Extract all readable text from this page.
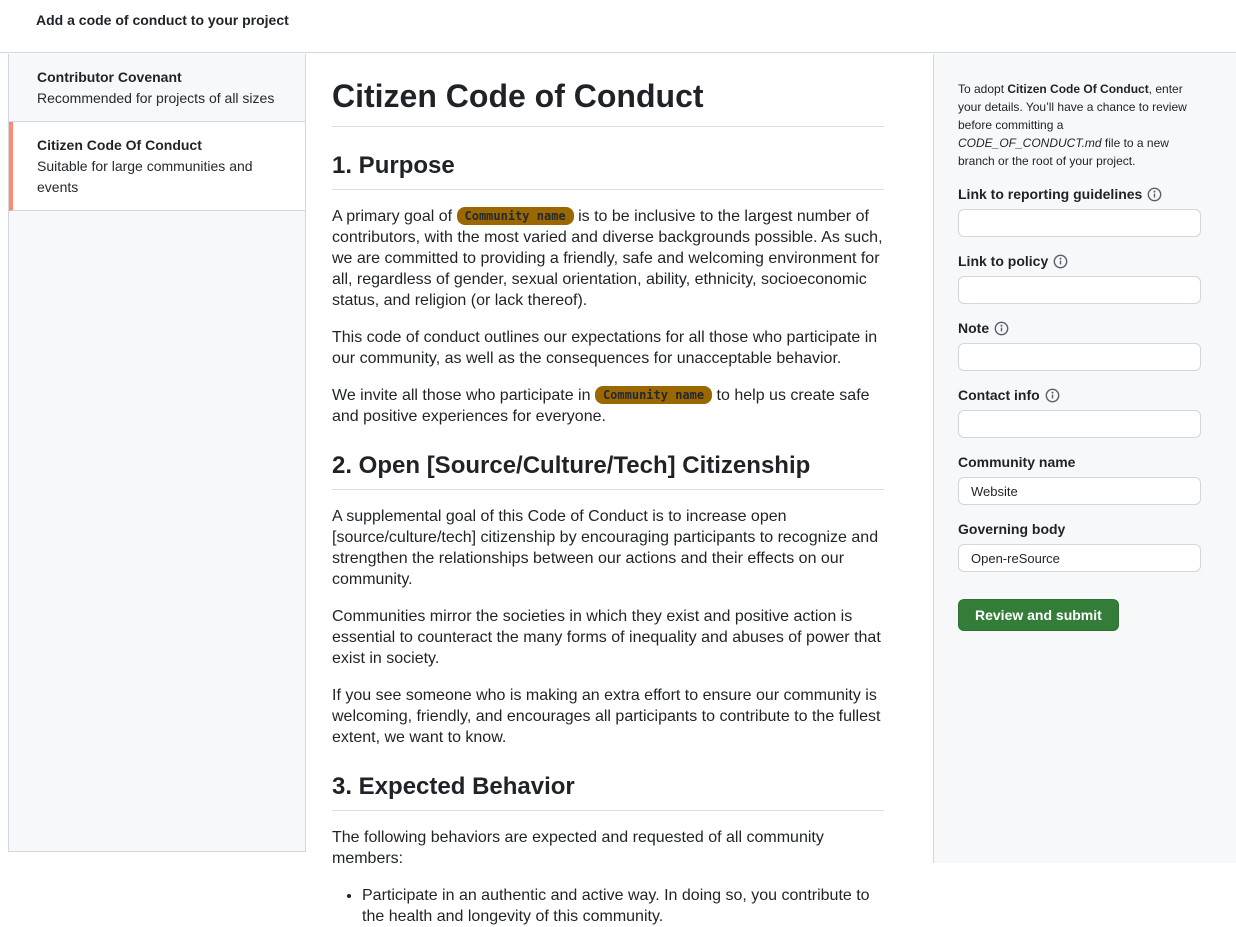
Add a code of conduct to your project
Contributor Covenant
Recommended for projects of all sizes
Citizen Code Of Conduct
Suitable for large communities and events
Citizen Code of Conduct
1. Purpose

A primary goal of Community name is to be inclusive to the largest number of contributors, with the most varied and diverse backgrounds possible. As such, we are committed to providing a friendly, safe and welcoming environment for all, regardless of gender, sexual orientation, ability, ethnicity, socioeconomic status, and religion (or lack thereof).

This code of conduct outlines our expectations for all those who participate in our community, as well as the consequences for unacceptable behavior.

We invite all those who participate in Community name to help us create safe and positive experiences for everyone.

2. Open [Source/Culture/Tech] Citizenship

A supplemental goal of this Code of Conduct is to increase open [source/culture​/tech] citizenship by encouraging participants to recognize and strengthen the relationships between our actions and their effects on our community.

Communities mirror the societies in which they exist and positive action is essential to counteract the many forms of inequality and abuses of power that exist in society.

If you see someone who is making an extra effort to ensure our community is welcoming, friendly, and encourages all participants to contribute to the fullest extent, we want to know.

3. Expected Behavior

The following behaviors are expected and requested of all community members:

• Participate in an authentic and active way. In doing so, you contribute to the health and longevity of this community.

To adopt Citizen Code Of Conduct, enter your details. You’ll have a chance to review before committing a CODE_OF_CONDUCT.md file to a new branch or the root of your project.

Link to reporting guidelines
Link to policy
Note
Contact info
Community name
Website
Governing body
Open-reSource
Review and submit
